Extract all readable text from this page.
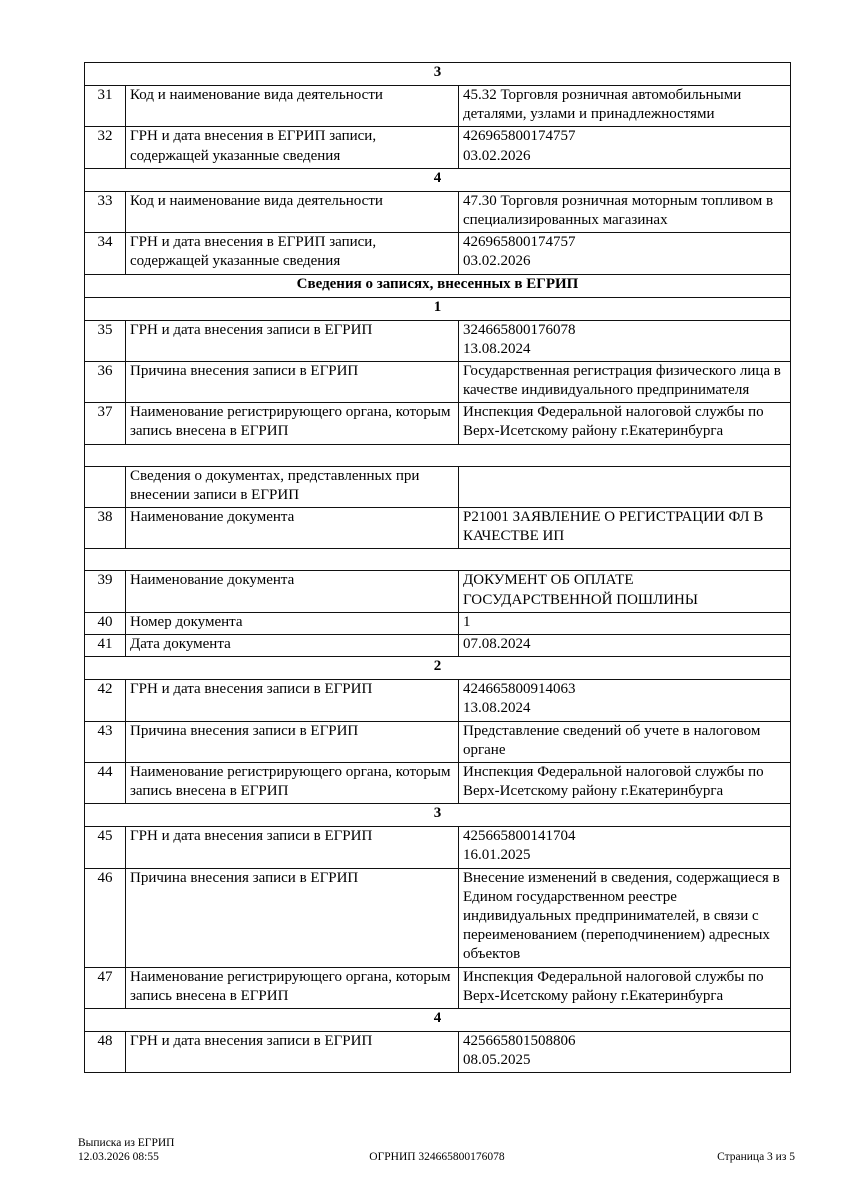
3		
31	Код и наименование вида деятельности	45.32 Торговля розничная автомобильными деталями, узлами и принадлежностями

32	ГРН и дата внесения в ЕГРИП записи, содержащей указанные сведения	426965800174757
03.02.2026

4		
33	Код и наименование вида деятельности	47.30 Торговля розничная моторным топливом в специализированных магазинах

34	ГРН и дата внесения в ЕГРИП записи, содержащей указанные сведения	426965800174757
03.02.2026

Сведения о записях, внесенных в ЕГРИП		
1		
35	ГРН и дата внесения записи в ЕГРИП	324665800176078
13.08.2024

36	Причина внесения записи в ЕГРИП	Государственная регистрация физического лица в качестве индивидуального предпринимателя

37	Наименование регистрирующего органа, которым запись внесена в ЕГРИП	Инспекция Федеральной налоговой службы по Верх-Исетскому району г.Екатеринбурга

	Сведения о документах, представленных при внесении записи в ЕГРИП	
38	Наименование документа	Р21001 ЗАЯВЛЕНИЕ О РЕГИСТРАЦИИ ФЛ В КАЧЕСТВЕ ИП

39	Наименование документа	ДОКУМЕНТ ОБ ОПЛАТЕ ГОСУДАРСТВЕННОЙ ПОШЛИНЫ

40	Номер документа	1

41	Дата документа	07.08.2024

2		
42	ГРН и дата внесения записи в ЕГРИП	424665800914063
13.08.2024

43	Причина внесения записи в ЕГРИП	Представление сведений об учете в налоговом органе

44	Наименование регистрирующего органа, которым запись внесена в ЕГРИП	Инспекция Федеральной налоговой службы по Верх-Исетскому району г.Екатеринбурга

3		
45	ГРН и дата внесения записи в ЕГРИП	425665800141704
16.01.2025

46	Причина внесения записи в ЕГРИП	Внесение изменений в сведения, содержащиеся в Едином государственном реестре индивидуальных предпринимателей, в связи с переименованием (переподчинением) адресных объектов

47	Наименование регистрирующего органа, которым запись внесена в ЕГРИП	Инспекция Федеральной налоговой службы по Верх-Исетскому району г.Екатеринбурга

4		
48	ГРН и дата внесения записи в ЕГРИП	425665801508806
08.05.2025
Выписка из ЕГРИП
12.03.2026 08:55	ОГРНИП 324665800176078	Страница 3 из 5
